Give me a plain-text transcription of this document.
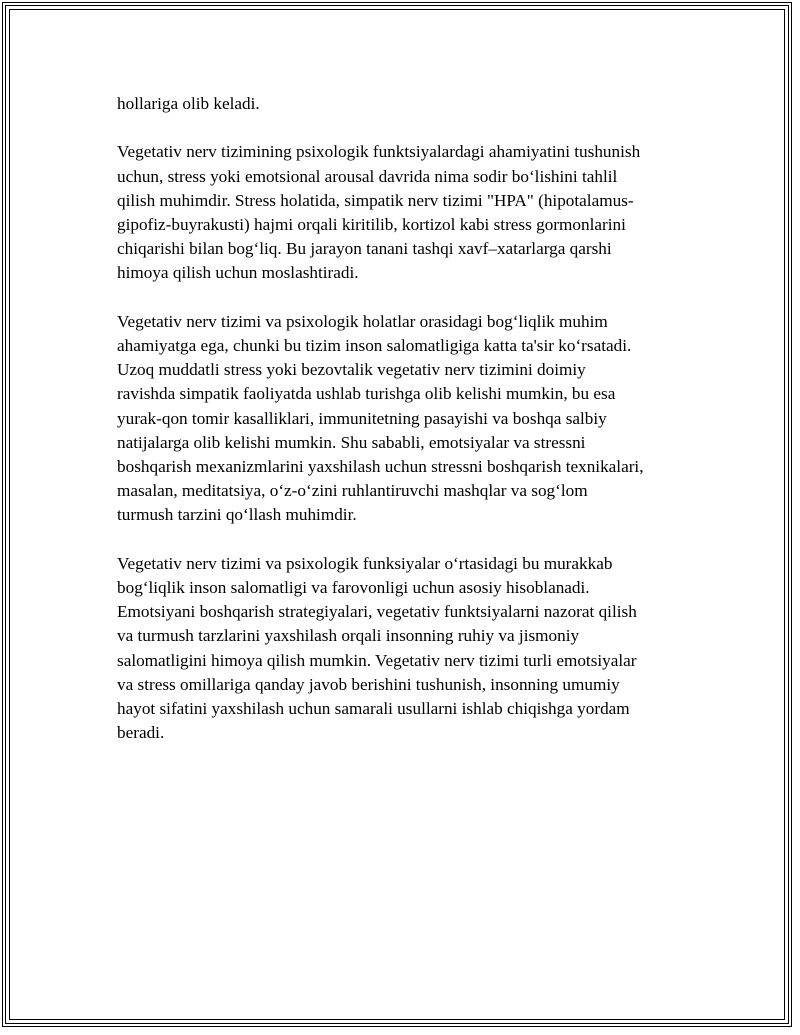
hollariga olib keladi.

Vegetativ nerv tizimining psixologik funktsiyalardagi ahamiyatini tushunish
uchun, stress yoki emotsional arousal davrida nima sodir bo‘lishini tahlil
qilish muhimdir. Stress holatida, simpatik nerv tizimi "HPA" (hipotalamus-
gipofiz-buyrakusti) hajmi orqali kiritilib, kortizol kabi stress gormonlarini
chiqarishi bilan bog‘liq. Bu jarayon tanani tashqi xavf–xatarlarga qarshi
himoya qilish uchun moslashtiradi.

Vegetativ nerv tizimi va psixologik holatlar orasidagi bog‘liqlik muhim
ahamiyatga ega, chunki bu tizim inson salomatligiga katta ta'sir ko‘rsatadi.
Uzoq muddatli stress yoki bezovtalik vegetativ nerv tizimini doimiy
ravishda simpatik faoliyatda ushlab turishga olib kelishi mumkin, bu esa
yurak-qon tomir kasalliklari, immunitetning pasayishi va boshqa salbiy
natijalarga olib kelishi mumkin. Shu sababli, emotsiyalar va stressni
boshqarish mexanizmlarini yaxshilash uchun stressni boshqarish texnikalari,
masalan, meditatsiya, o‘z-o‘zini ruhlantiruvchi mashqlar va sog‘lom
turmush tarzini qo‘llash muhimdir.

Vegetativ nerv tizimi va psixologik funksiyalar o‘rtasidagi bu murakkab
bog‘liqlik inson salomatligi va farovonligi uchun asosiy hisoblanadi.
Emotsiyani boshqarish strategiyalari, vegetativ funktsiyalarni nazorat qilish
va turmush tarzlarini yaxshilash orqali insonning ruhiy va jismoniy
salomatligini himoya qilish mumkin. Vegetativ nerv tizimi turli emotsiyalar
va stress omillariga qanday javob berishini tushunish, insonning umumiy
hayot sifatini yaxshilash uchun samarali usullarni ishlab chiqishga yordam
beradi.
